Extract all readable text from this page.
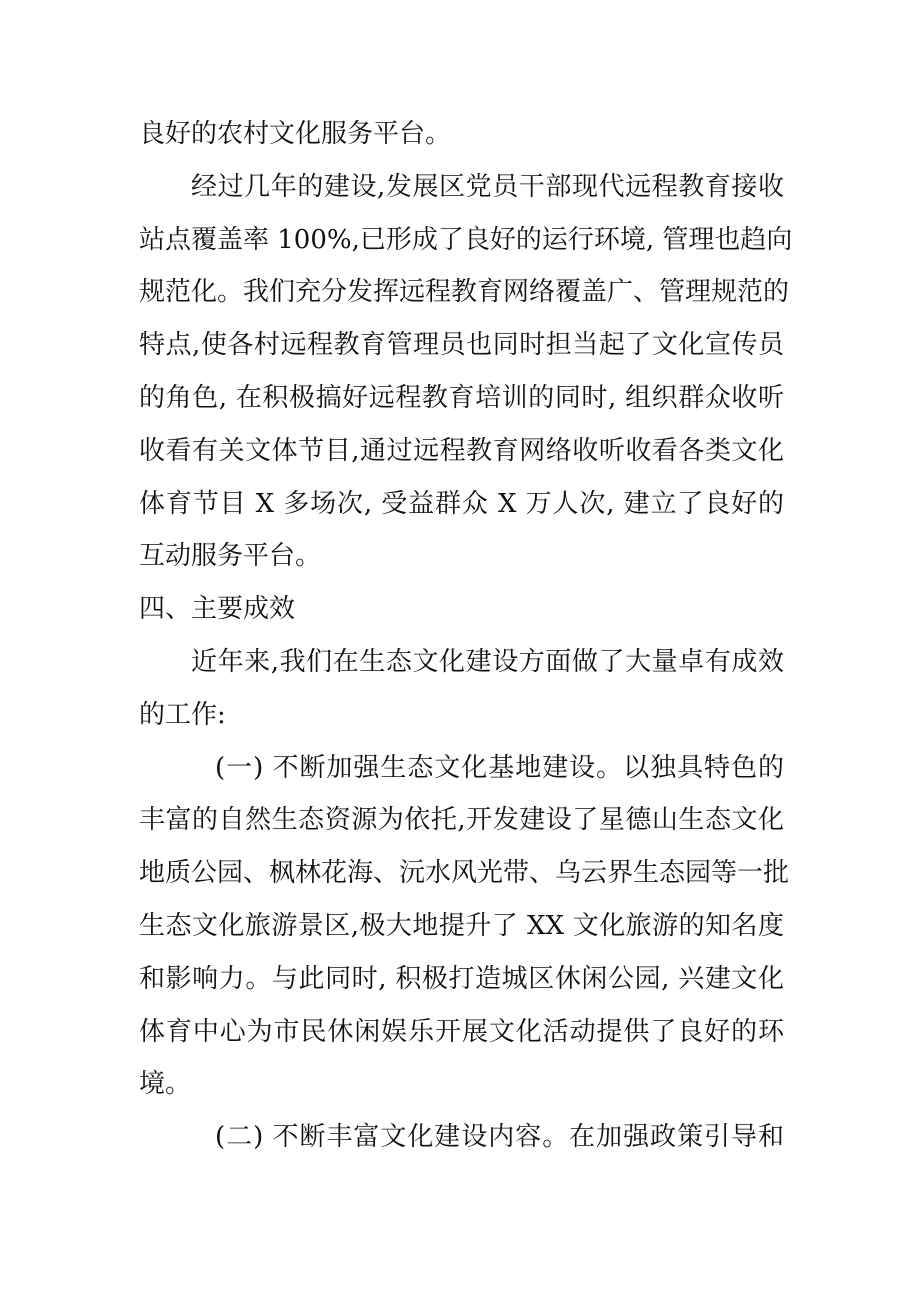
良好的农村文化服务平台。
经过几年的建设,发展区党员干部现代远程教育接收
站点覆盖率 100%,已形成了良好的运行环境, 管理也趋向
规范化。我们充分发挥远程教育网络覆盖广、管理规范的
特点,使各村远程教育管理员也同时担当起了文化宣传员
的角色, 在积极搞好远程教育培训的同时, 组织群众收听
收看有关文体节目,通过远程教育网络收听收看各类文化
体育节目 X 多场次, 受益群众 X 万人次, 建立了良好的
互动服务平台。
四、主要成效
近年来,我们在生态文化建设方面做了大量卓有成效
的工作:
(一) 不断加强生态文化基地建设。以独具特色的
丰富的自然生态资源为依托,开发建设了星德山生态文化
地质公园、枫林花海、沅水风光带、乌云界生态园等一批
生态文化旅游景区,极大地提升了 XX 文化旅游的知名度
和影响力。与此同时, 积极打造城区休闲公园, 兴建文化
体育中心为市民休闲娱乐开展文化活动提供了良好的环
境。
(二) 不断丰富文化建设内容。在加强政策引导和
